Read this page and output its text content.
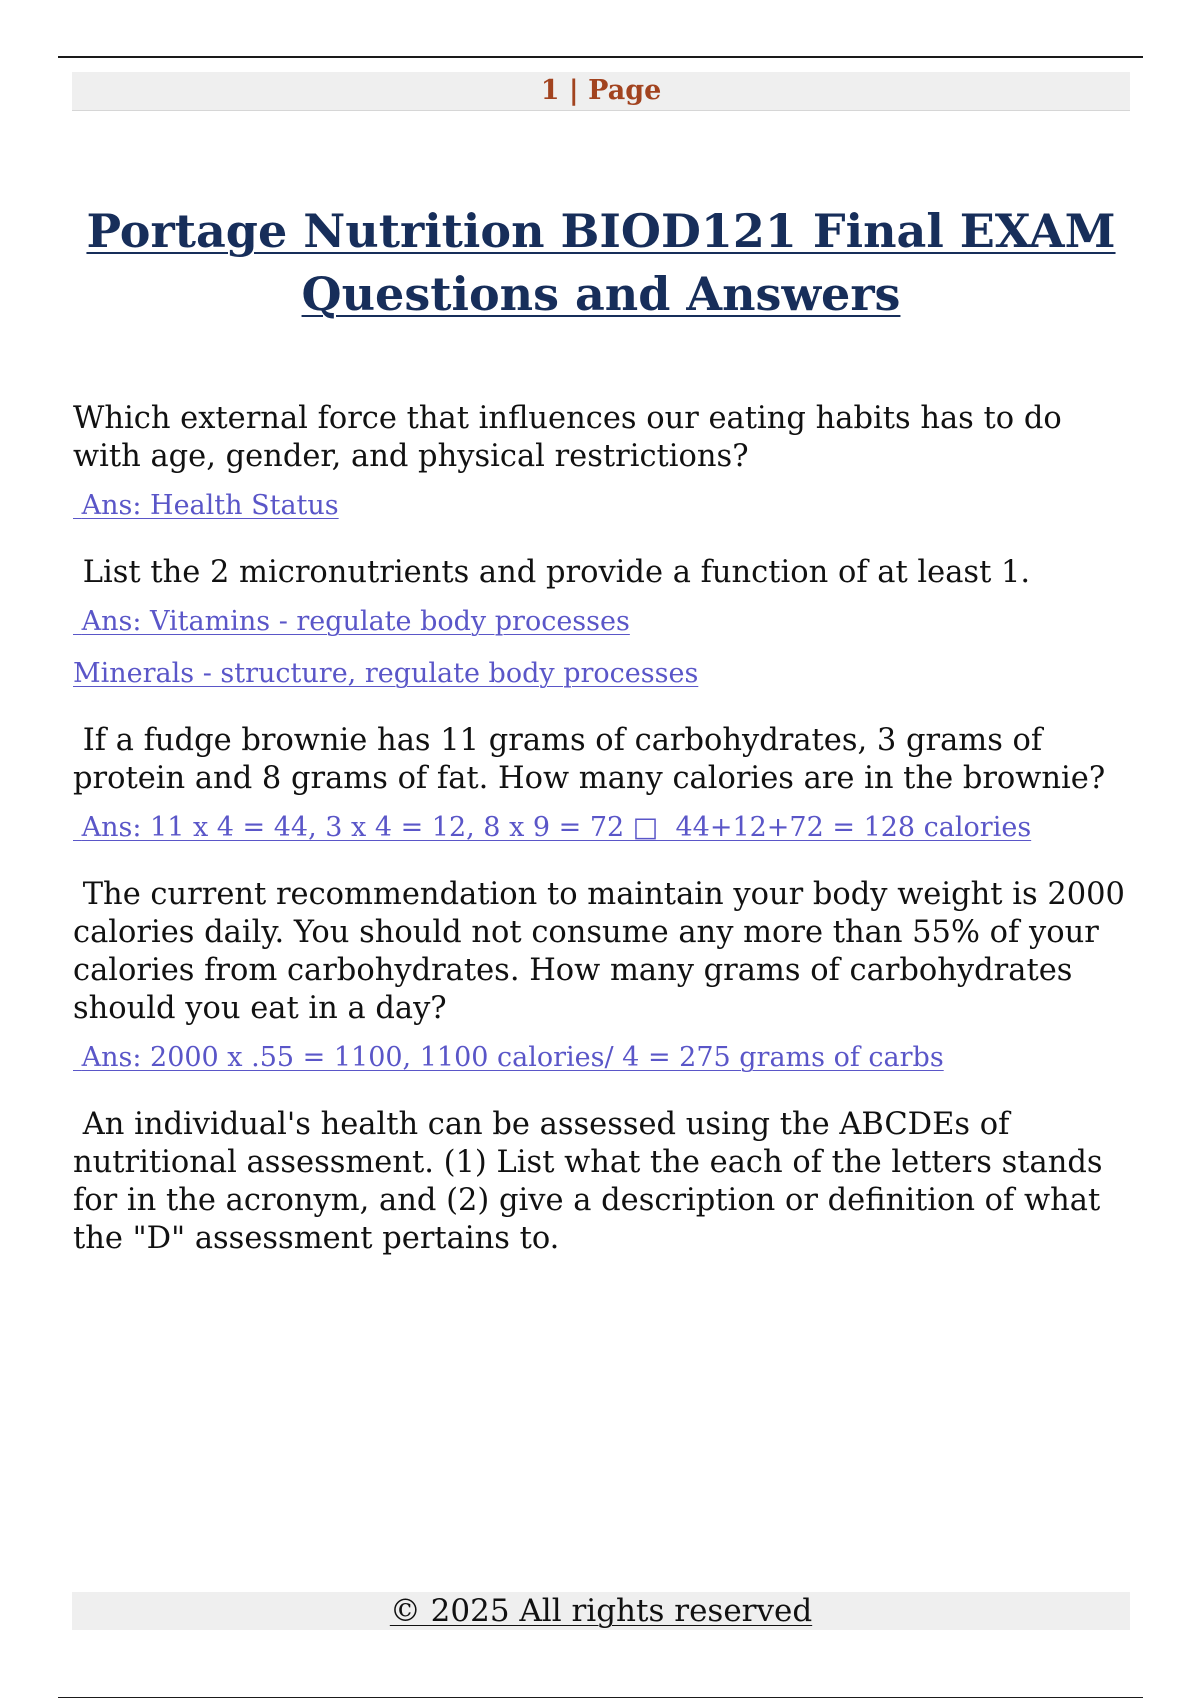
1 | Page
Portage Nutrition BIOD121 Final EXAM Questions and Answers

Which external force that influences our eating habits has to do with age, gender, and physical restrictions?

Ans: Health Status

List the 2 micronutrients and provide a function of at least 1.

Ans: Vitamins - regulate body processes
Minerals - structure, regulate body processes

If a fudge brownie has 11 grams of carbohydrates, 3 grams of protein and 8 grams of fat. How many calories are in the brownie?

Ans: 11 x 4 = 44, 3 x 4 = 12, 8 x 9 = 72 □  44+12+72 = 128 calories

The current recommendation to maintain your body weight is 2000 calories daily. You should not consume any more than 55% of your calories from carbohydrates. How many grams of carbohydrates should you eat in a day?

Ans: 2000 x .55 = 1100, 1100 calories/ 4 = 275 grams of carbs

An individual's health can be assessed using the ABCDEs of nutritional assessment. (1) List what the each of the letters stands for in the acronym, and (2) give a description or definition of what the "D" assessment pertains to.

© 2025 All rights reserved
